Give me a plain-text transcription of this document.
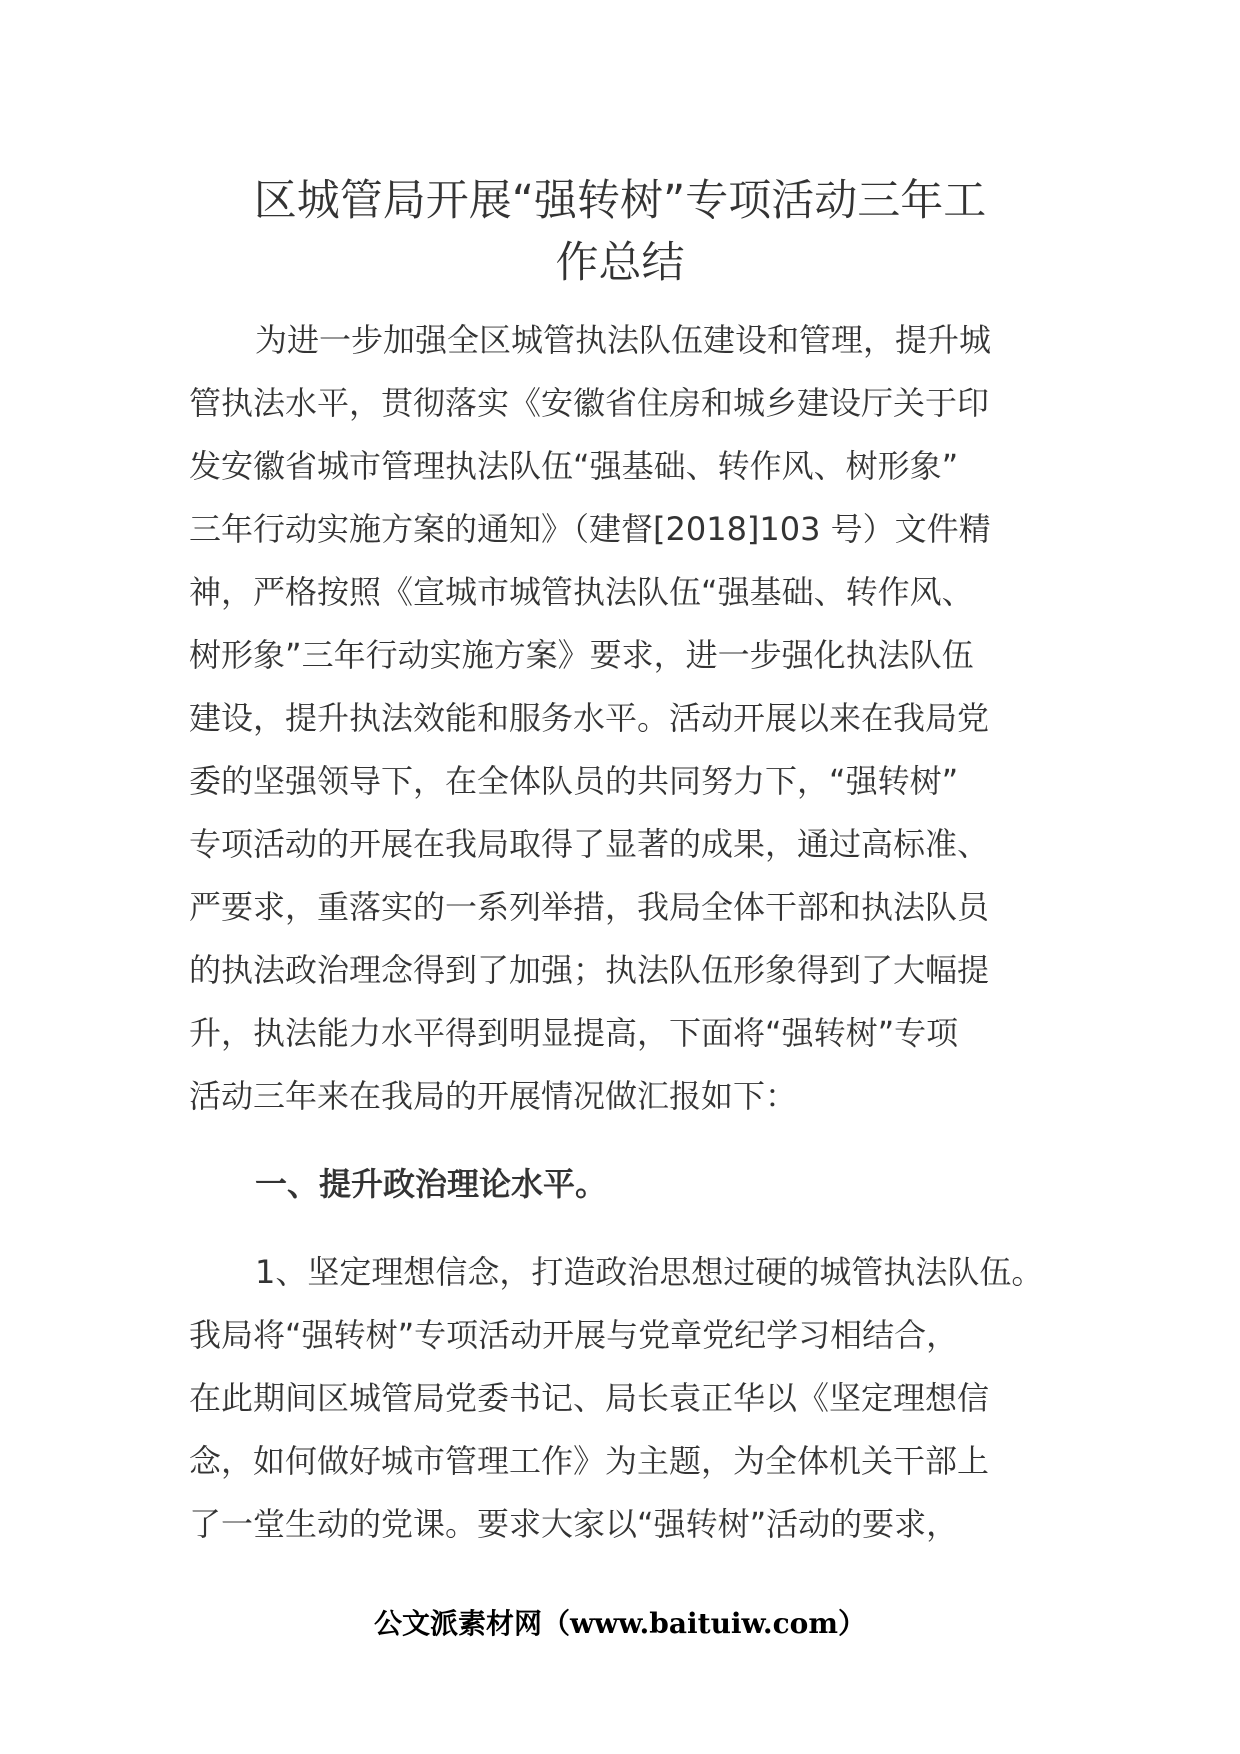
区城管局开展“强转树”专项活动三年工
作总结
为进一步加强全区城管执法队伍建设和管理，提升城
管执法水平，贯彻落实《安徽省住房和城乡建设厅关于印
发安徽省城市管理执法队伍“强基础、转作风、树形象”
三年行动实施方案的通知》（建督[2018]103 号）文件精
神，严格按照《宣城市城管执法队伍“强基础、转作风、
树形象”三年行动实施方案》要求，进一步强化执法队伍
建设，提升执法效能和服务水平。活动开展以来在我局党
委的坚强领导下，在全体队员的共同努力下，“强转树”
专项活动的开展在我局取得了显著的成果，通过高标准、
严要求，重落实的一系列举措，我局全体干部和执法队员
的执法政治理念得到了加强；执法队伍形象得到了大幅提
升，执法能力水平得到明显提高，下面将“强转树”专项
活动三年来在我局的开展情况做汇报如下：
一、提升政治理论水平。
1、坚定理想信念，打造政治思想过硬的城管执法队伍。
我局将“强转树”专项活动开展与党章党纪学习相结合，
在此期间区城管局党委书记、局长袁正华以《坚定理想信
念，如何做好城市管理工作》为主题，为全体机关干部上
了一堂生动的党课。要求大家以“强转树”活动的要求，
公文派素材网（www.baituiw.com）
